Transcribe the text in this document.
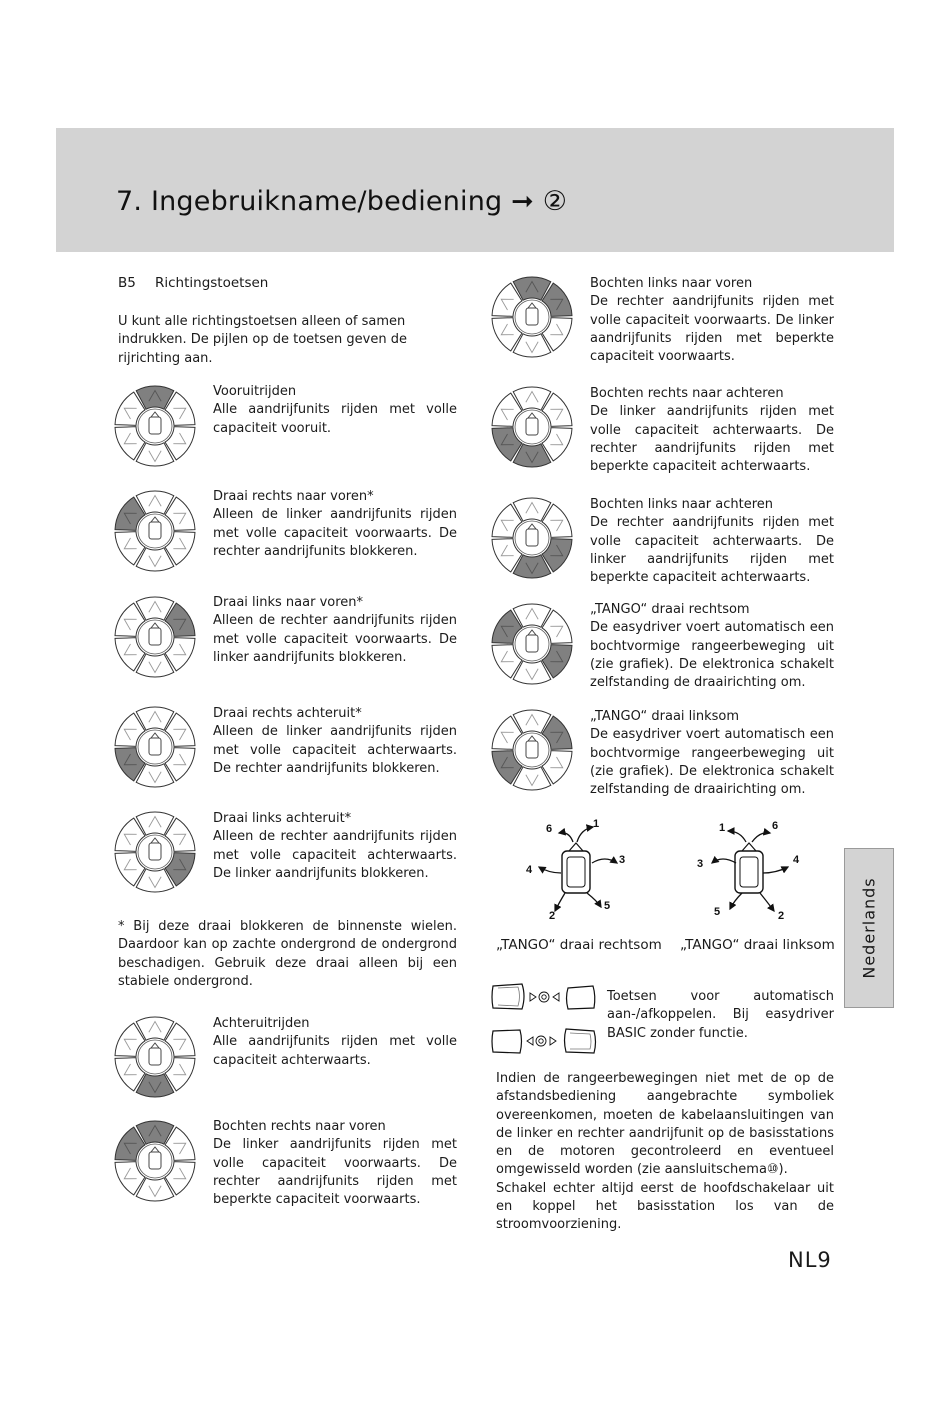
7. Ingebruikname/bediening ➞ ②
B5 Richtingstoetsen
U kunt alle richtingstoetsen alleen of samen indrukken. De pijlen op de toetsen geven de rijrichting aan.
Vooruitrijden
Alle aandrijfunits rijden met volle capaciteit vooruit.
Draai rechts naar voren*
Alleen de linker aandrijfunits rijden met volle capaciteit voorwaarts. De rechter aandrijfunits blokkeren.
Draai links naar voren*
Alleen de rechter aandrijfunits rijden met volle capaciteit voorwaarts. De linker aandrijfunits blokkeren.
Draai rechts achteruit*
Alleen de linker aandrijfunits rijden met volle capaciteit achterwaarts. De rechter aandrijfunits blokkeren.
Draai links achteruit*
Alleen de rechter aandrijfunits rijden met volle capaciteit achterwaarts. De linker aandrijfunits blokkeren.
* Bij deze draai blokkeren de binnenste wielen. Daardoor kan op zachte ondergrond de ondergrond beschadigen. Gebruik deze draai alleen bij een stabiele ondergrond.
Achteruitrijden
Alle aandrijfunits rijden met volle capaciteit achterwaarts.
Bochten rechts naar voren
De linker aandrijfunits rijden met volle capaciteit voorwaarts. De rechter aandrijfunits rijden met beperkte capaciteit voorwaarts.
Bochten links naar voren
De rechter aandrijfunits rijden met volle capaciteit voorwaarts. De linker aandrijfunits rijden met beperkte capaciteit voorwaarts.
Bochten rechts naar achteren
De linker aandrijfunits rijden met volle capaciteit achterwaarts. De rechter aandrijfunits rijden met beperkte capaciteit achterwaarts.
Bochten links naar achteren
De rechter aandrijfunits rijden met volle capaciteit achterwaarts. De linker aandrijfunits rijden met beperkte capaciteit achterwaarts.
„TANGO“ draai rechtsom
De easydriver voert automatisch een bochtvormige rangeerbeweging uit (zie grafiek). De elektronica schakelt zelfstanding de draairichting om.
„TANGO“ draai linksom
De easydriver voert automatisch een bochtvormige rangeerbeweging uit (zie grafiek). De elektronica schakelt zelfstanding de draairichting om.
1
2
3
4
5
6
„TANGO“ draai rechtsom
1
2
3	4
5
6
„TANGO“ draai linksom
Toetsen voor automatisch aan-/afkoppelen. Bij easydriver BASIC zonder functie.
Indien de rangeerbewegingen niet met de op de afstandsbediening aangebrachte symboliek overeenkomen, moeten de kabelaansluitingen van de linker en rechter aandrijfunit op de basisstations en de motoren gecontroleerd en eventueel omgewisseld worden (zie aansluitschema⑩).
Schakel echter altijd eerst de hoofdschakelaar uit en koppel het basisstation los van de stroomvoorziening.
Nederlands
NL9
